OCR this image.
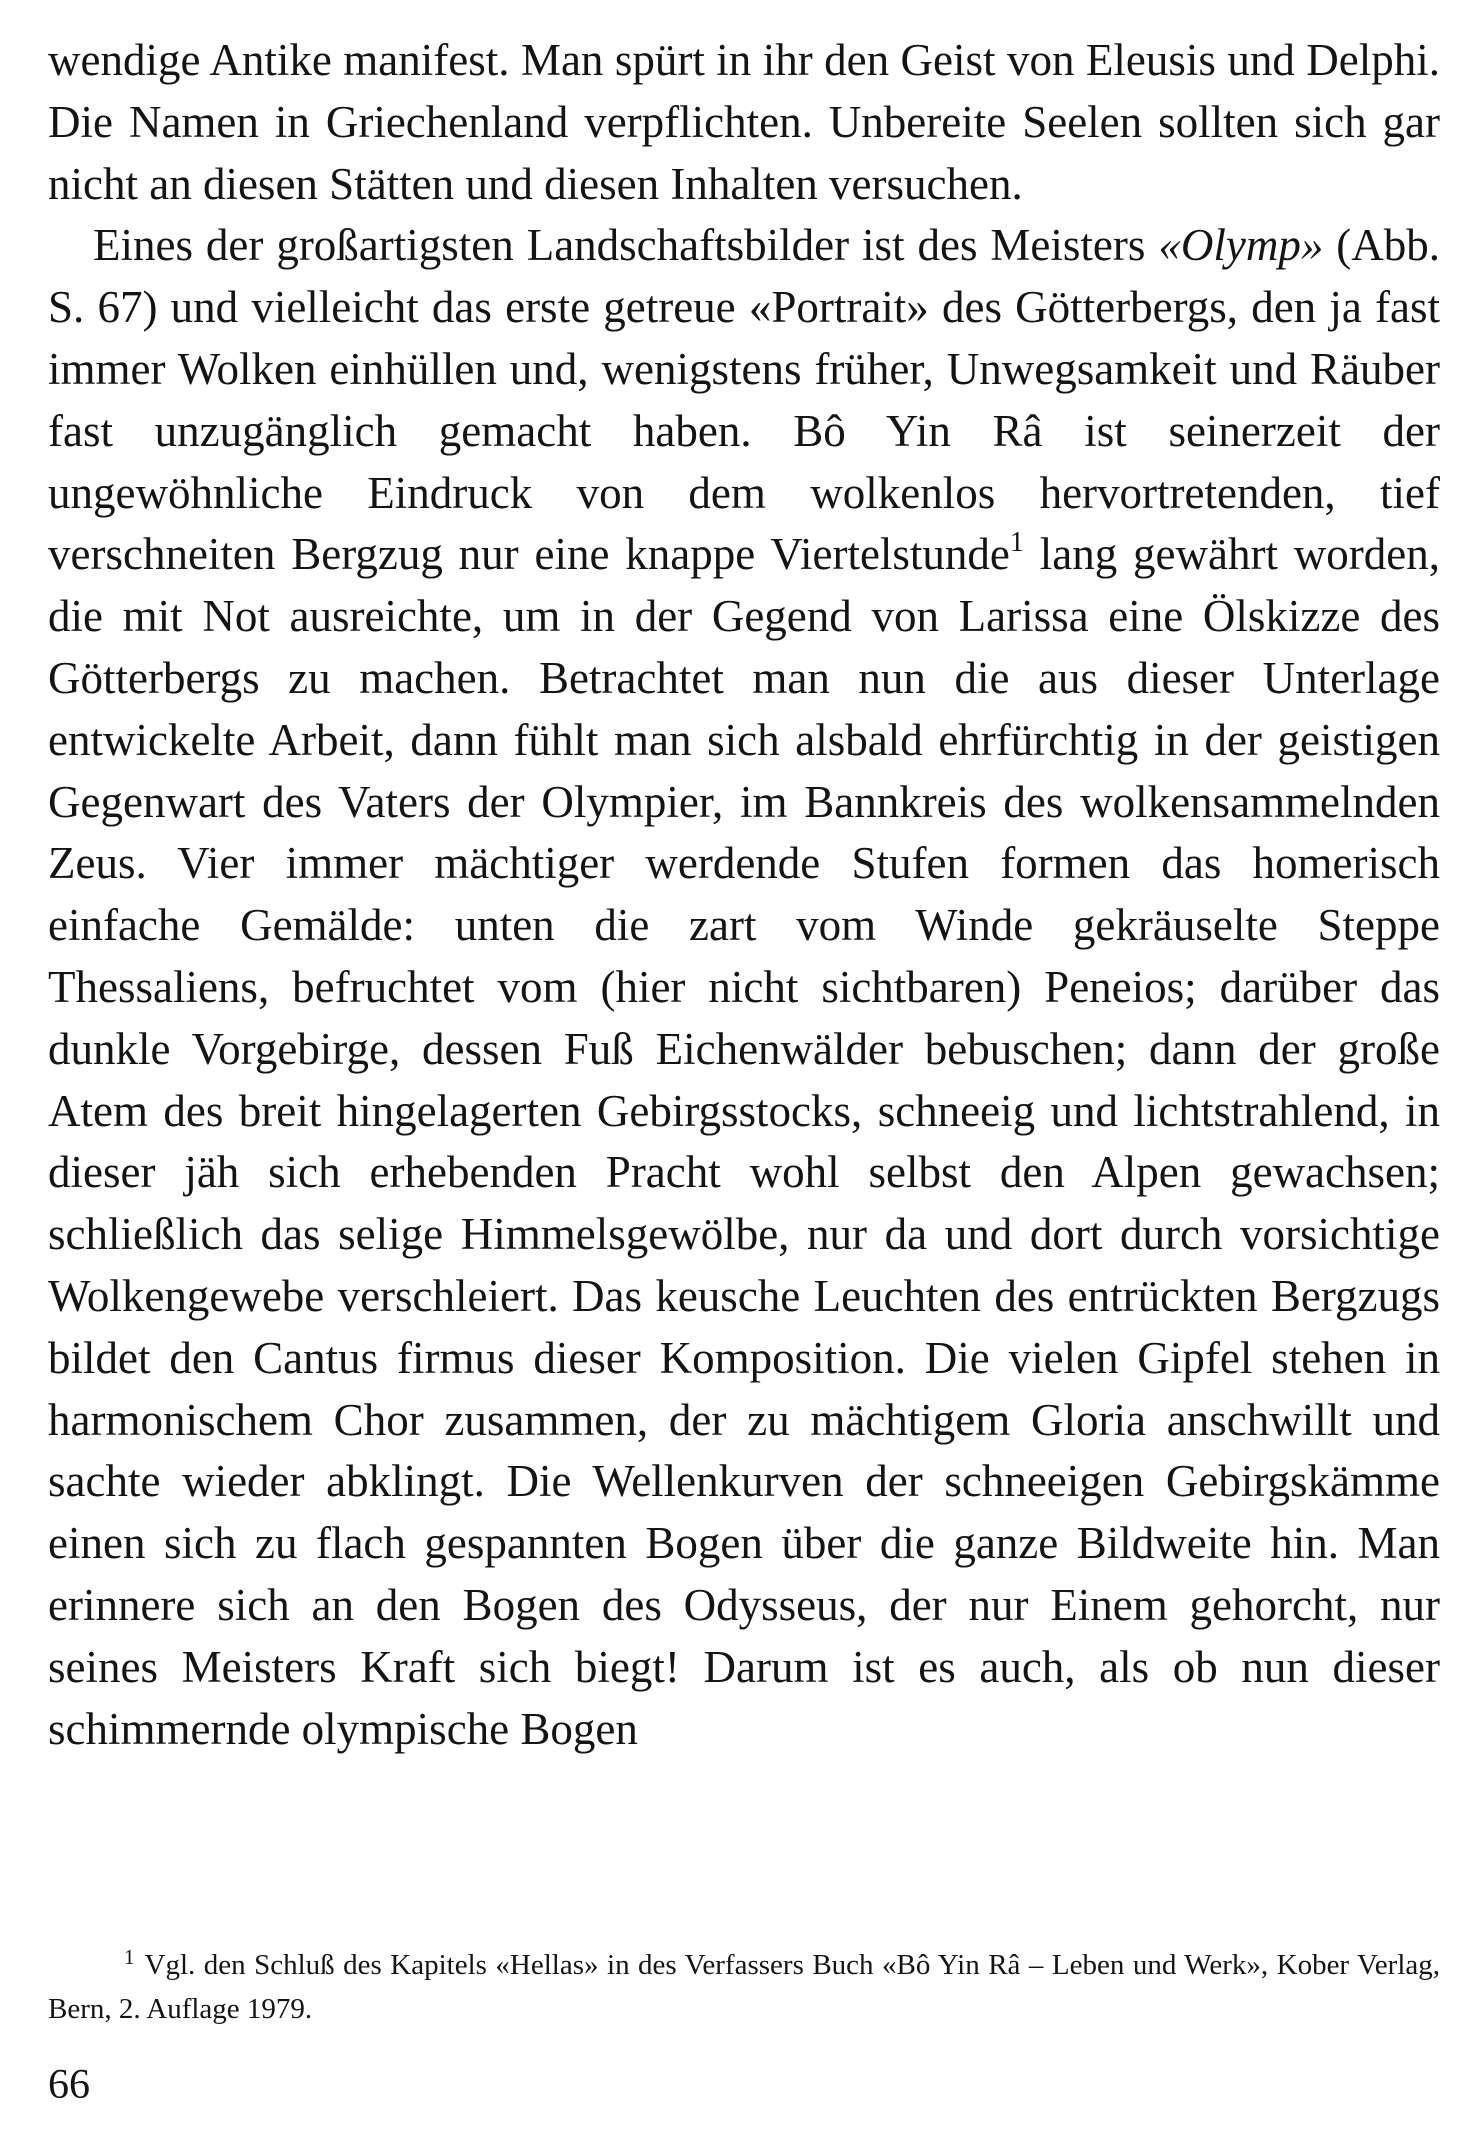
wendige Antike manifest. Man spürt in ihr den Geist von Eleusis und Delphi. Die Namen in Griechenland verpflichten. Unbereite Seelen sollten sich gar nicht an diesen Stätten und diesen Inhalten versuchen.

Eines der großartigsten Landschaftsbilder ist des Meisters «Olymp» (Abb. S. 67) und vielleicht das erste getreue «Portrait» des Götterbergs, den ja fast immer Wolken einhüllen und, wenigstens früher, Unwegsamkeit und Räuber fast unzugänglich gemacht haben. Bô Yin Râ ist seinerzeit der ungewöhnliche Eindruck von dem wolkenlos hervortretenden, tief verschneiten Bergzug nur eine knappe Viertelstunde$^1$ lang gewährt worden, die mit Not ausreichte, um in der Gegend von Larissa eine Ölskizze des Götterbergs zu machen. Betrachtet man nun die aus dieser Unterlage entwickelte Arbeit, dann fühlt man sich alsbald ehrfürchtig in der geistigen Gegenwart des Vaters der Olympier, im Bannkreis des wolkensammelnden Zeus. Vier immer mächtiger werdende Stufen formen das homerisch einfache Gemälde: unten die zart vom Winde gekräuselte Steppe Thessaliens, befruchtet vom (hier nicht sichtbaren) Peneios; darüber das dunkle Vorgebirge, dessen Fuß Eichenwälder bebuschen; dann der große Atem des breit hingelagerten Gebirgsstocks, schneeig und lichtstrahlend, in dieser jäh sich erhebenden Pracht wohl selbst den Alpen gewachsen; schließlich das selige Himmelsgewölbe, nur da und dort durch vorsichtige Wolkengewebe verschleiert. Das keusche Leuchten des entrückten Bergzugs bildet den Cantus firmus dieser Komposition. Die vielen Gipfel stehen in harmonischem Chor zusammen, der zu mächtigem Gloria anschwillt und sachte wieder abklingt. Die Wellenkurven der schneeigen Gebirgskämme einen sich zu flach gespannten Bogen über die ganze Bildweite hin. Man erinnere sich an den Bogen des Odysseus, der nur Einem gehorcht, nur seines Meisters Kraft sich biegt! Darum ist es auch, als ob nun dieser schimmernde olympische Bogen

$^1$ Vgl. den Schluß des Kapitels «Hellas» in des Verfassers Buch «Bô Yin Râ – Leben und Werk», Kober Verlag, Bern, 2. Auflage 1979.

66
